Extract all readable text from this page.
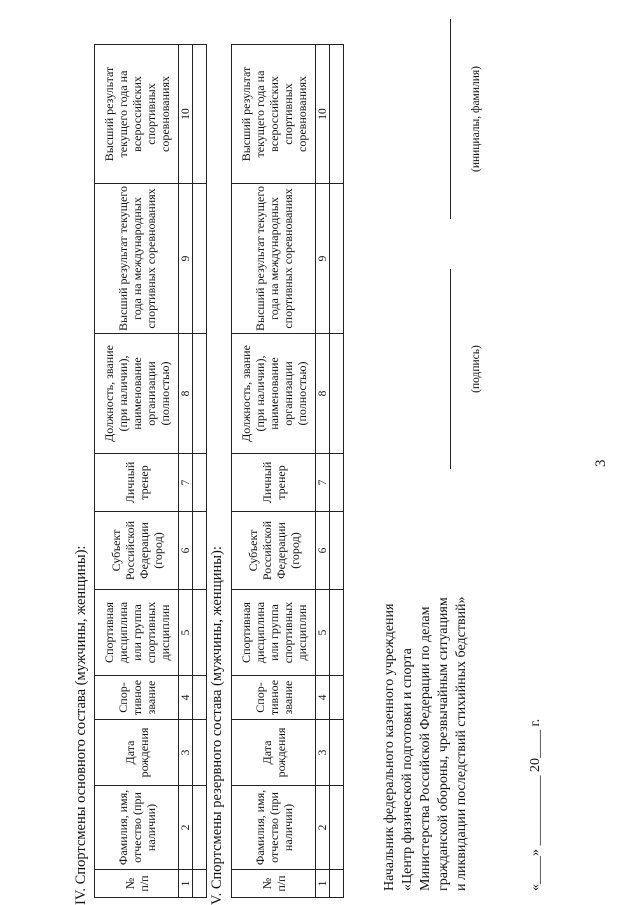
3
IV. Спортсмены основного состава (мужчины, женщины):	№ п/п	Фамилия, имя, отчество (при наличии)	Дата рождения	Спор-тивное звание	Спортивная дисциплина или группа спортивных дисциплин	Субъект Российской Федерации (город)	Личный тренер	Должность, звание (при наличии), наименование организации (полностью)	Высший результат текущего года на международных спортивных соревнованиях	Высший результат текущего года на всероссийских спортивных соревнованиях
1	2	3	4	5	6	7	8	9	10

V. Спортсмены резервного состава (мужчины, женщины):	№ п/п	Фамилия, имя, отчество (при наличии)	Дата рождения	Спор-тивное звание	Спортивная дисциплина или группа спортивных дисциплин	Субъект Российской Федерации (город)	Личный тренер	Должность, звание (при наличии), наименование организации (полностью)	Высший результат текущего года на международных спортивных соревнованиях	Высший результат текущего года на всероссийских спортивных соревнованиях
1	2	3	4	5	6	7	8	9	10

Начальник федерального казенного учреждения «Центр физической подготовки и спорта Министерства Российской Федерации по делам гражданской обороны, чрезвычайным ситуациям и ликвидации последствий стихийных бедствий»	«____» __________ 20____ г.
(подпись)
(инициалы, фамилия)
